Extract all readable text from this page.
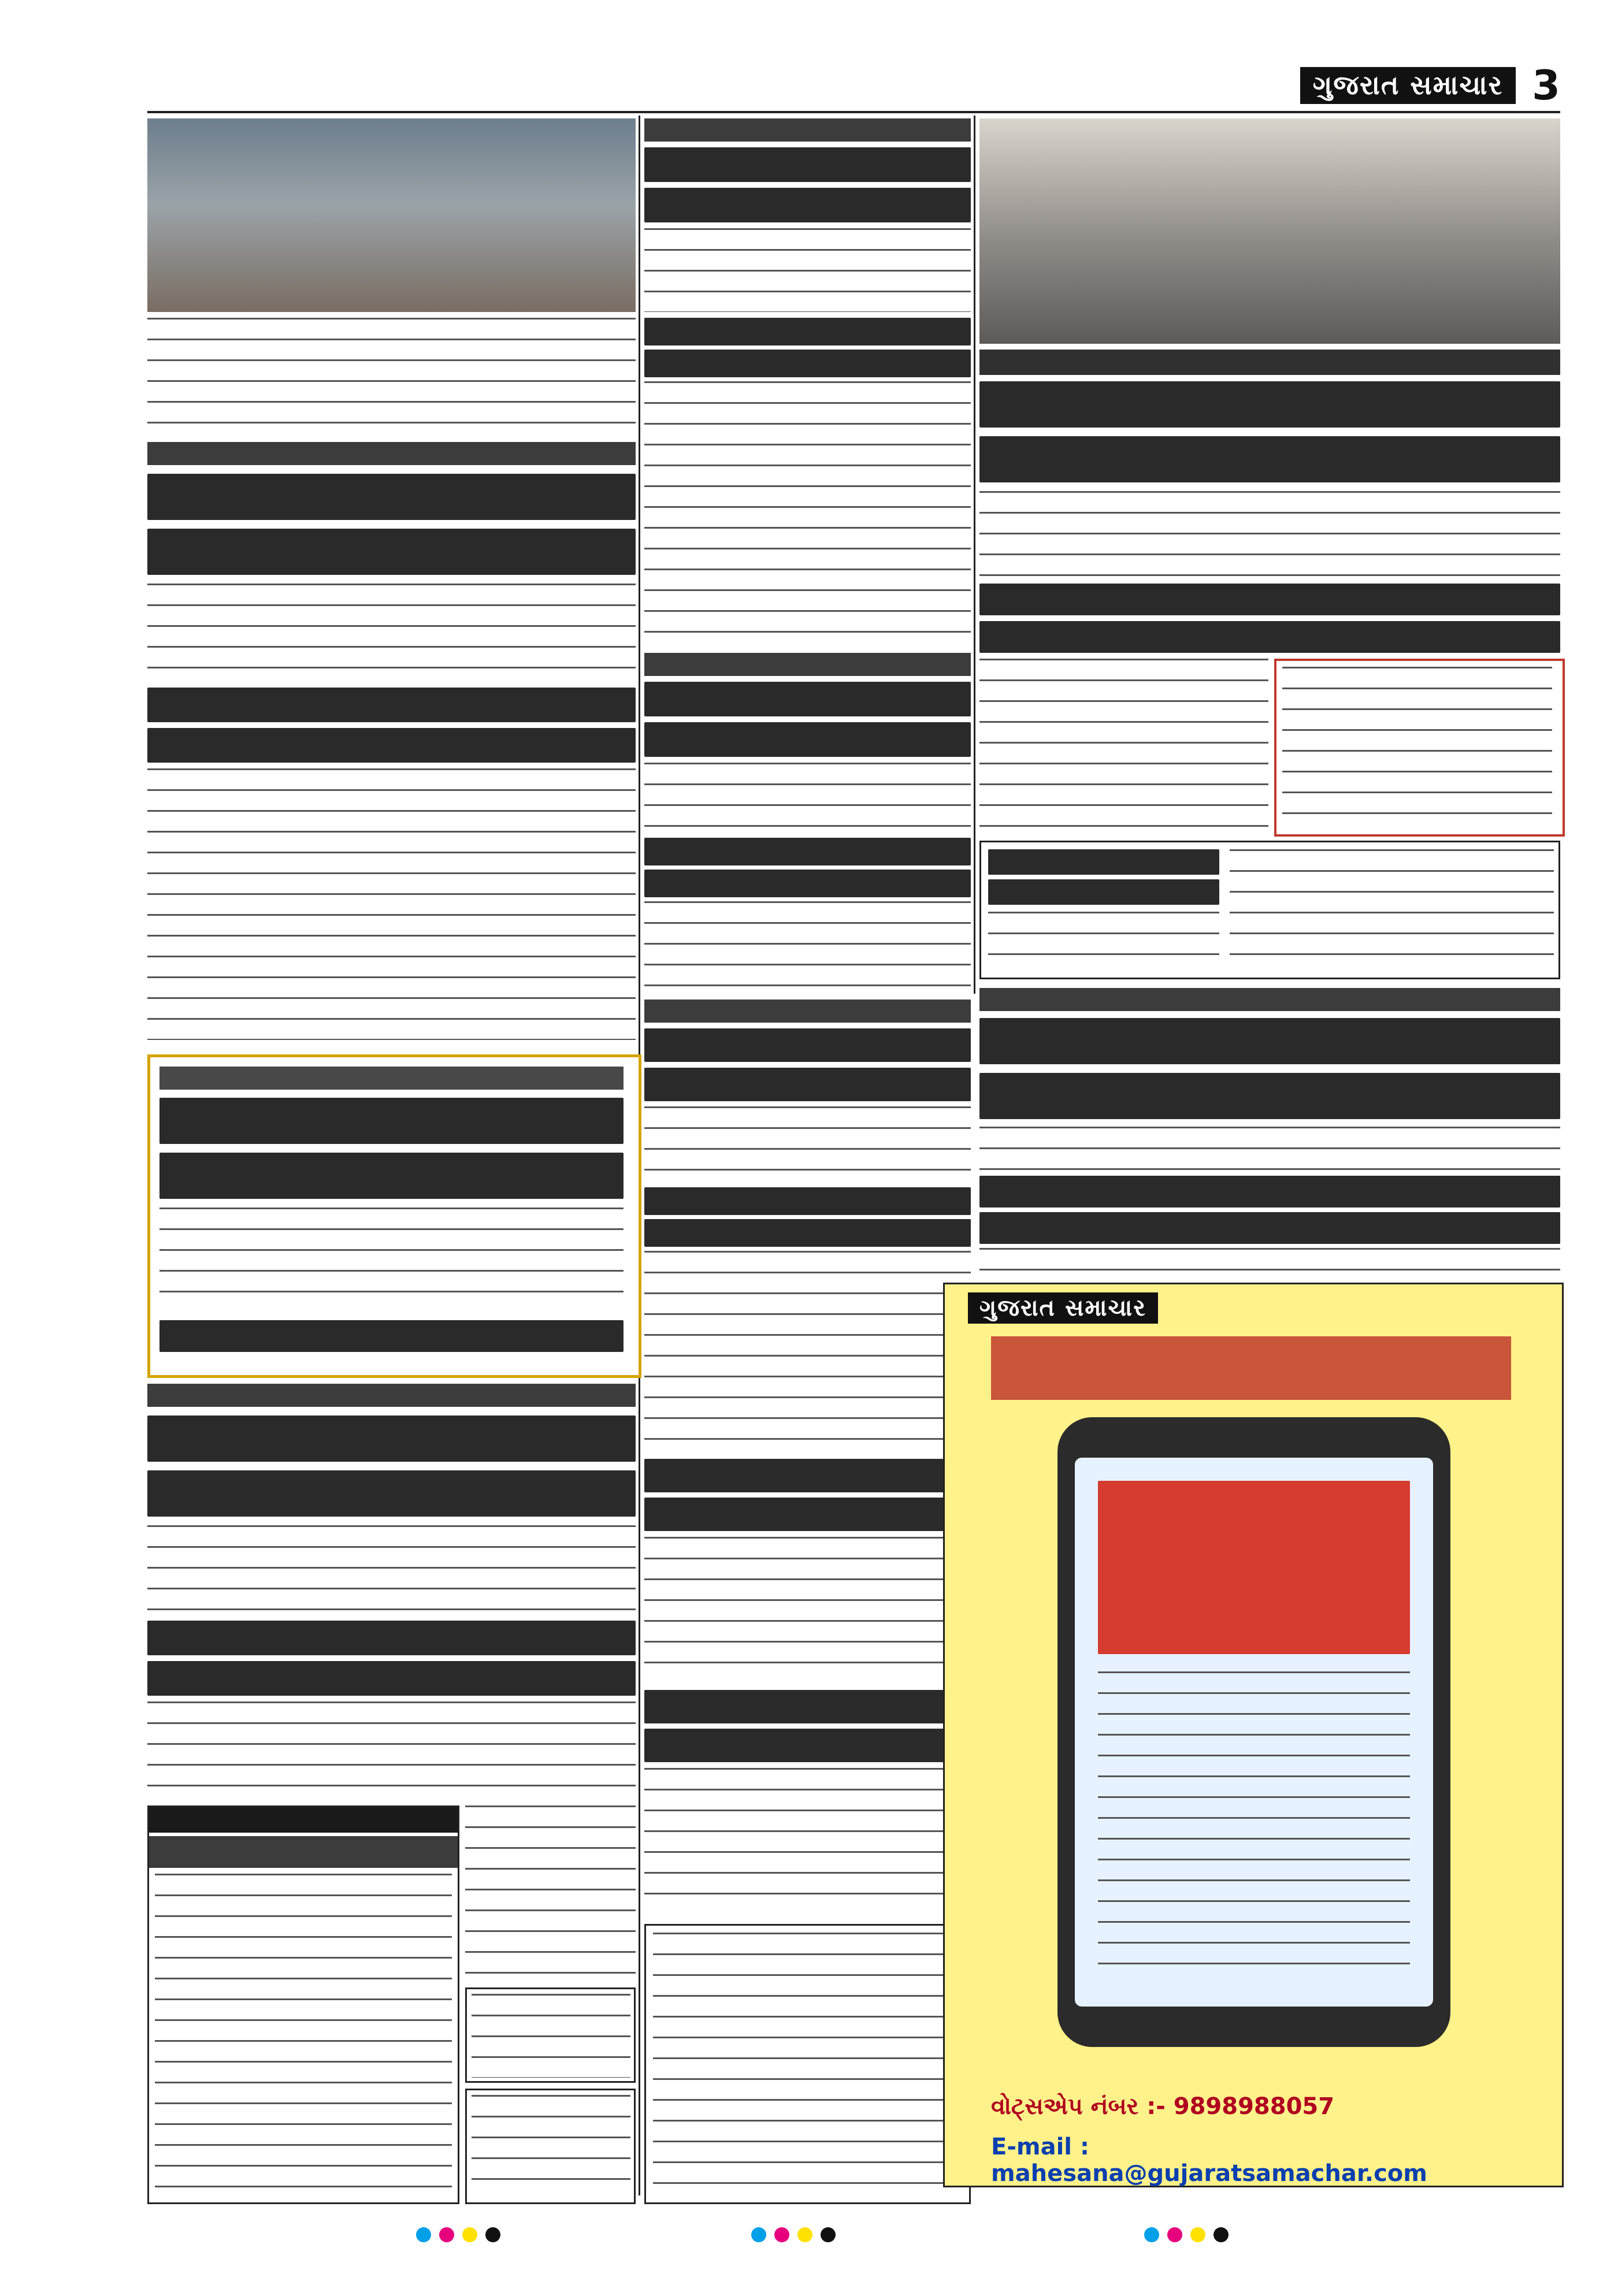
ગુજરાત સમાચાર 3
ગુજરાત સમાચાર
વોટ્સએપ નંબર :- 9898988057
E-mail : mahesana@gujaratsamachar.com
